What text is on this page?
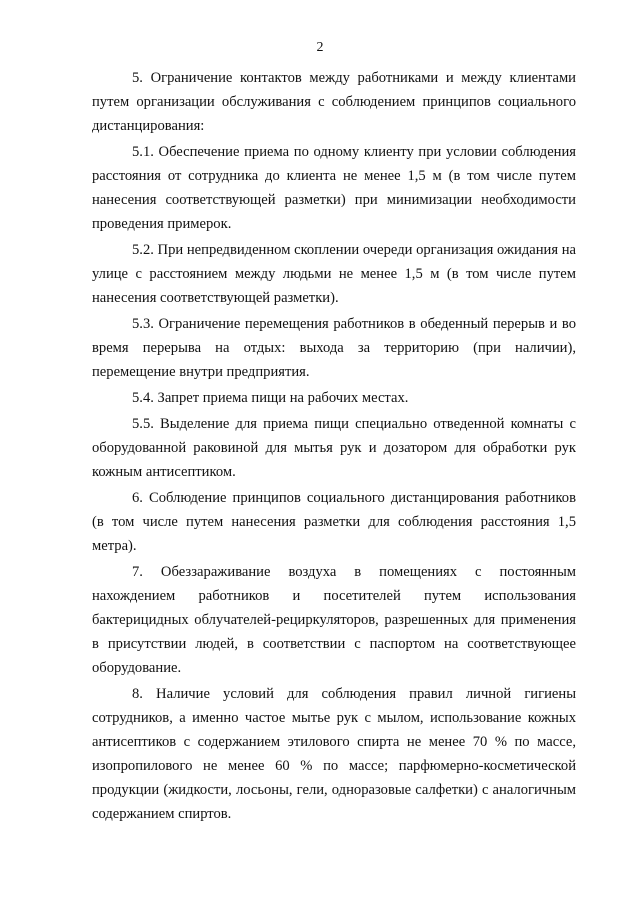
2

5. Ограничение контактов между работниками и между клиентами путем организации обслуживания с соблюдением принципов социального дистанцирования:

5.1. Обеспечение приема по одному клиенту при условии соблюдения расстояния от сотрудника до клиента не менее 1,5 м (в том числе путем нанесения соответствующей разметки) при минимизации необходимости проведения примерок.

5.2. При непредвиденном скоплении очереди организация ожидания на улице с расстоянием между людьми не менее 1,5 м (в том числе путем нанесения соответствующей разметки).

5.3. Ограничение перемещения работников в обеденный перерыв и во время перерыва на отдых: выхода за территорию (при наличии), перемещение внутри предприятия.

5.4. Запрет приема пищи на рабочих местах.

5.5. Выделение для приема пищи специально отведенной комнаты с оборудованной раковиной для мытья рук и дозатором для обработки рук кожным антисептиком.

6. Соблюдение принципов социального дистанцирования работников (в том числе путем нанесения разметки для соблюдения расстояния 1,5 метра).

7. Обеззараживание воздуха в помещениях с постоянным нахождением работников и посетителей путем использования бактерицидных облучателей-рециркуляторов, разрешенных для применения в присутствии людей, в соответствии с паспортом на соответствующее оборудование.

8. Наличие условий для соблюдения правил личной гигиены сотрудников, а именно частое мытье рук с мылом, использование кожных антисептиков с содержанием этилового спирта не менее 70 % по массе, изопропилового не менее 60 % по массе; парфюмерно-косметической продукции (жидкости, лосьоны, гели, одноразовые салфетки) с аналогичным содержанием спиртов.
